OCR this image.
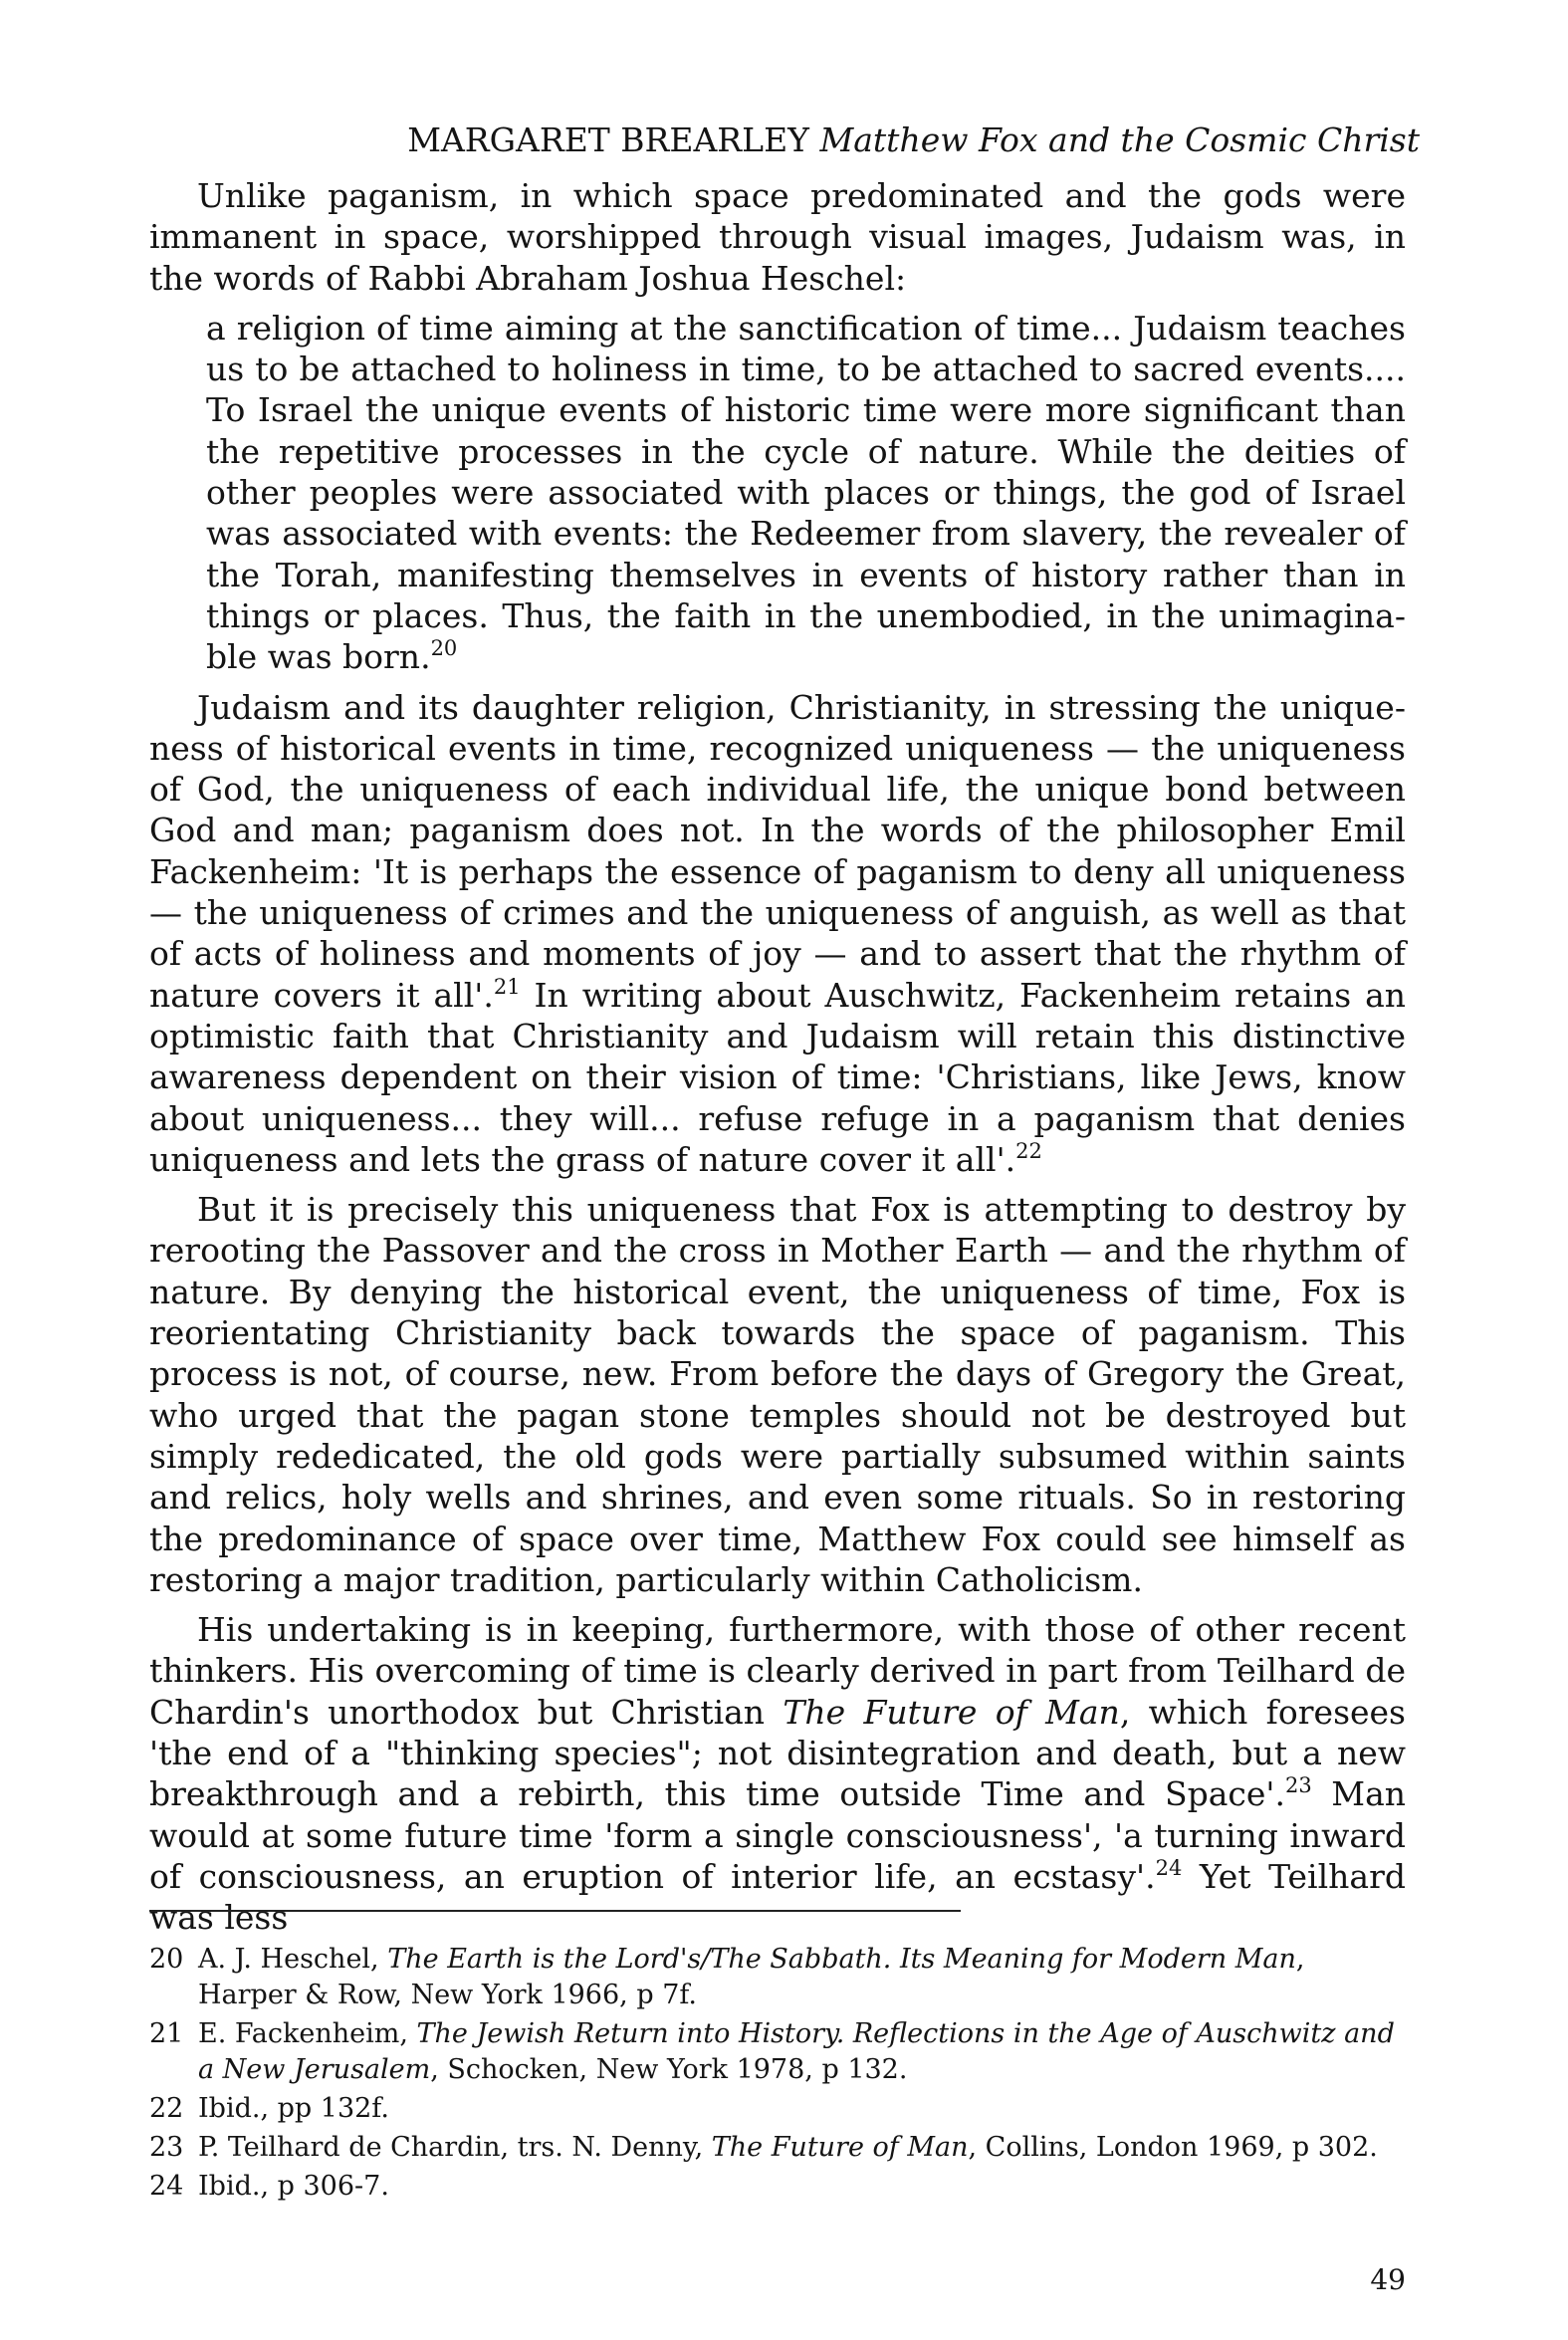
MARGARET BREARLEY Matthew Fox and the Cosmic Christ

Unlike paganism, in which space predominated and the gods were immanent in space, worshipped through visual images, Judaism was, in the words of Rabbi Abraham Joshua Heschel:

a religion of time aiming at the sanctification of time... Judaism teaches us to be attached to holiness in time, to be attached to sacred events.... To Israel the unique events of historic time were more significant than the repetitive processes in the cycle of nature. While the deities of other peoples were associated with places or things, the god of Israel was associated with events: the Redeemer from slavery, the revealer of the Torah, manifesting themselves in events of history rather than in things or places. Thus, the faith in the unembodied, in the unimagina- ble was born.$^{20}$

Judaism and its daughter religion, Christianity, in stressing the unique- ness of historical events in time, recognized uniqueness — the uniqueness of God, the uniqueness of each individual life, the unique bond between God and man; paganism does not. In the words of the philosopher Emil Fackenheim: 'It is perhaps the essence of paganism to deny all uniqueness — the uniqueness of crimes and the uniqueness of anguish, as well as that of acts of holiness and moments of joy — and to assert that the rhythm of nature covers it all'.$^{21}$ In writing about Auschwitz, Fackenheim retains an optimistic faith that Christianity and Judaism will retain this distinctive awareness dependent on their vision of time: 'Christians, like Jews, know about uniqueness... they will... refuse refuge in a paganism that denies uniqueness and lets the grass of nature cover it all'.$^{22}$

But it is precisely this uniqueness that Fox is attempting to destroy by rerooting the Passover and the cross in Mother Earth — and the rhythm of nature. By denying the historical event, the uniqueness of time, Fox is reorientating Christianity back towards the space of paganism. This process is not, of course, new. From before the days of Gregory the Great, who urged that the pagan stone temples should not be destroyed but simply rededicated, the old gods were partially subsumed within saints and relics, holy wells and shrines, and even some rituals. So in restoring the predominance of space over time, Matthew Fox could see himself as restoring a major tradition, particularly within Catholicism.

His undertaking is in keeping, furthermore, with those of other recent thinkers. His overcoming of time is clearly derived in part from Teilhard de Chardin's unorthodox but Christian The Future of Man, which foresees 'the end of a "thinking species"; not disintegration and death, but a new breakthrough and a rebirth, this time outside Time and Space'.$^{23}$ Man would at some future time 'form a single consciousness', 'a turning inward of consciousness, an eruption of interior life, an ecstasy'.$^{24}$ Yet Teilhard was less

20 A. J. Heschel, The Earth is the Lord's/The Sabbath. Its Meaning for Modern Man, Harper & Row, New York 1966, p 7f.
21 E. Fackenheim, The Jewish Return into History. Reflections in the Age of Auschwitz and a New Jerusalem, Schocken, New York 1978, p 132.
22 Ibid., pp 132f.
23 P. Teilhard de Chardin, trs. N. Denny, The Future of Man, Collins, London 1969, p 302.
24 Ibid., p 306-7.
49
